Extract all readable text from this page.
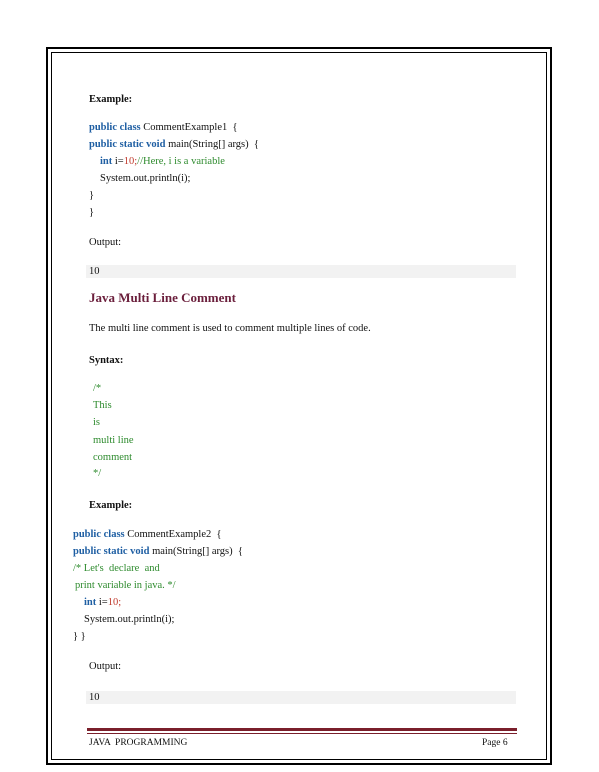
Example:
public class CommentExample1  {
public static void main(String[] args)  {
int i=10;//Here, i is a variable
System.out.println(i);
}
}
Output:
10
Java Multi Line Comment
The multi line comment is used to comment multiple lines of code.
Syntax:
/*
This
is
multi line
comment
*/
Example:
public class CommentExample2  {
public static void main(String[] args)  {
/* Let's  declare  and
print variable in java. */
int i=10;
System.out.println(i);
} }
Output:
10
JAVA  PROGRAMMING	Page 6
